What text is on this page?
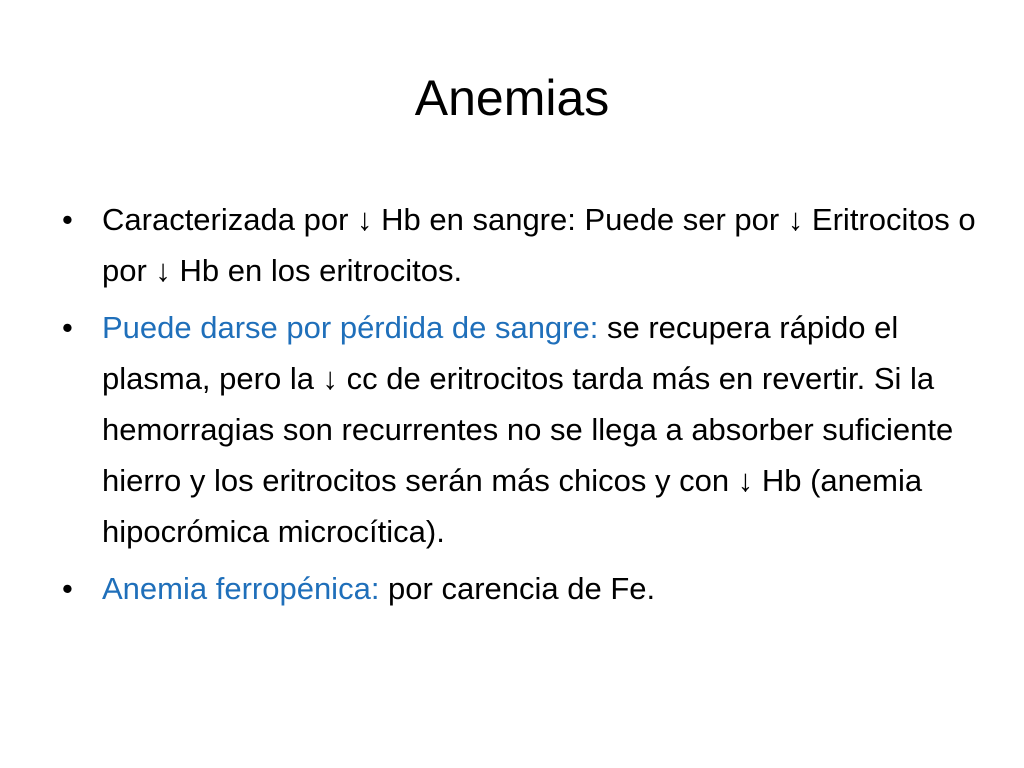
Anemias
• Caracterizada por ↓ Hb en sangre: Puede ser por ↓ Eritrocitos o por ↓ Hb en los eritrocitos.
• Puede darse por pérdida de sangre: se recupera rápido el plasma, pero la ↓ cc de eritrocitos tarda más en revertir. Si la hemorragias son recurrentes no se llega a absorber suficiente hierro y los eritrocitos serán más chicos y con ↓ Hb (anemia hipocrómica microcítica).
• Anemia ferropénica: por carencia de Fe.
